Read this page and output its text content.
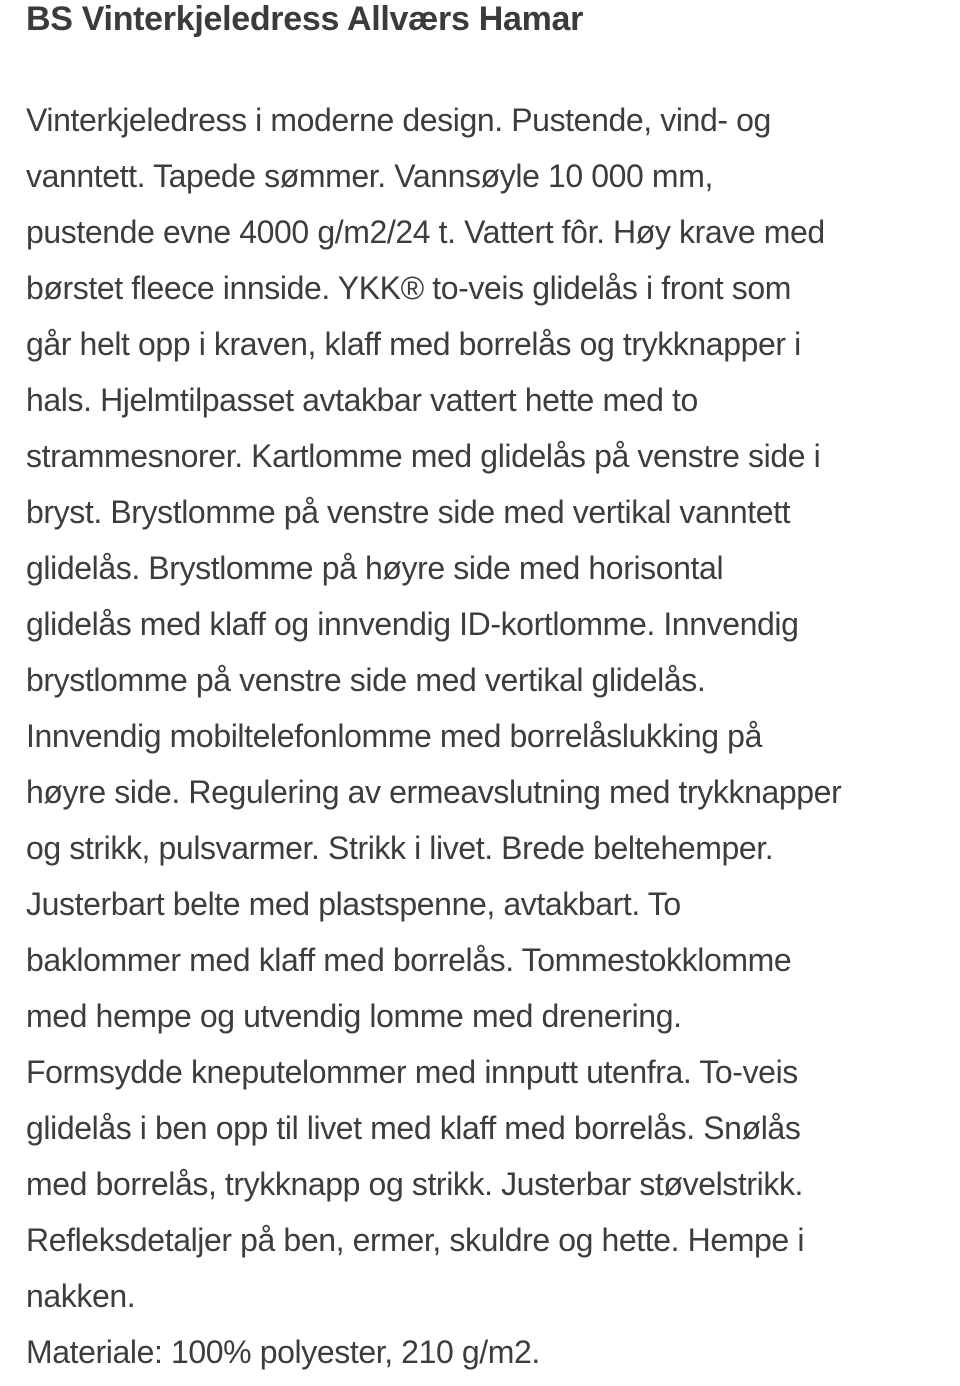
BS Vinterkjeledress Allværs Hamar
Vinterkjeledress i moderne design. Pustende, vind- og
vanntett. Tapede sømmer. Vannsøyle 10 000 mm,
pustende evne 4000 g/m2/24 t. Vattert fôr. Høy krave med
børstet fleece innside. YKK® to-veis glidelås i front som
går helt opp i kraven, klaff med borrelås og trykknapper i
hals. Hjelmtilpasset avtakbar vattert hette med to
strammesnorer. Kartlomme med glidelås på venstre side i
bryst. Brystlomme på venstre side med vertikal vanntett
glidelås. Brystlomme på høyre side med horisontal
glidelås med klaff og innvendig ID-kortlomme. Innvendig
brystlomme på venstre side med vertikal glidelås.
Innvendig mobiltelefonlomme med borrelåslukking på
høyre side. Regulering av ermeavslutning med trykknapper
og strikk, pulsvarmer. Strikk i livet. Brede beltehemper.
Justerbart belte med plastspenne, avtakbart. To
baklommer med klaff med borrelås. Tommestokklomme
med hempe og utvendig lomme med drenering.
Formsydde kneputelommer med innputt utenfra. To-veis
glidelås i ben opp til livet med klaff med borrelås. Snølås
med borrelås, trykknapp og strikk. Justerbar støvelstrikk.
Refleksdetaljer på ben, ermer, skuldre og hette. Hempe i
nakken.

Materiale: 100% polyester, 210 g/m2.
